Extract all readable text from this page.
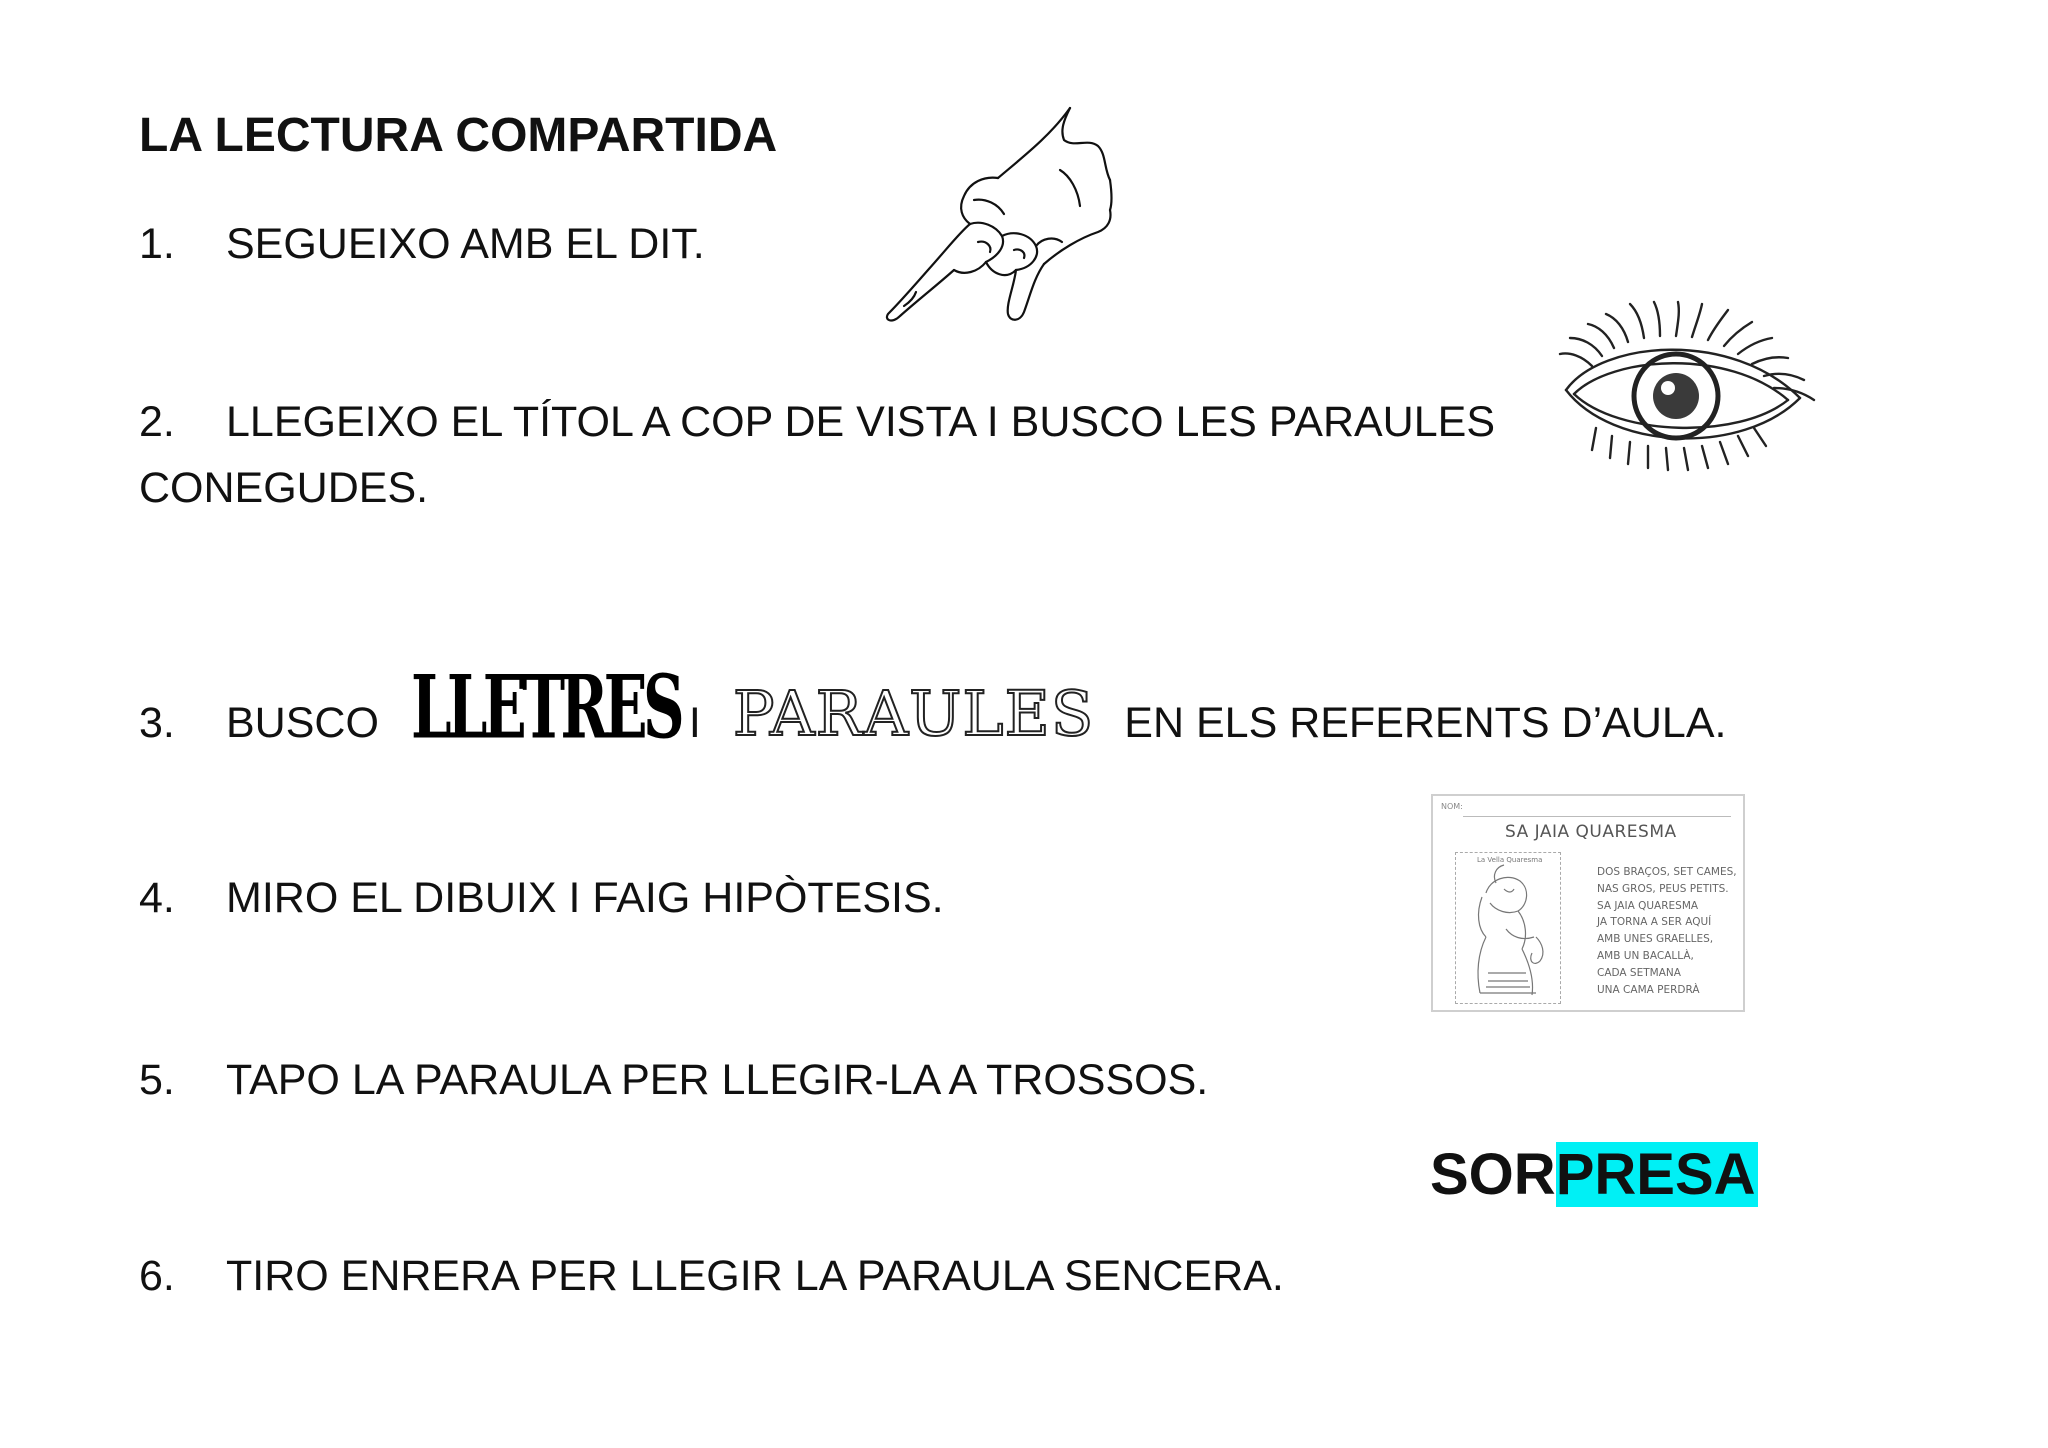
LA LECTURA COMPARTIDA
1. SEGUEIXO AMB EL DIT.
2. LLEGEIXO EL TÍTOL A COP DE VISTA I BUSCO LES PARAULES
CONEGUDES.
3. BUSCO LLETRES I PARAULES EN ELS REFERENTS D’AULA.
4. MIRO EL DIBUIX I FAIG HIPÒTESIS.
NOM:
SA JAIA QUARESMA
La Vella Quaresma
DOS BRAÇOS, SET CAMES,
NAS GROS, PEUS PETITS.
SA JAIA QUARESMA
JA TORNA A SER AQUÍ
AMB UNES GRAELLES,
AMB UN BACALLÀ,
CADA SETMANA
UNA CAMA PERDRÀ
5. TAPO LA PARAULA PER LLEGIR-LA A TROSSOS.
SORPRESA
6. TIRO ENRERA PER LLEGIR LA PARAULA SENCERA.
